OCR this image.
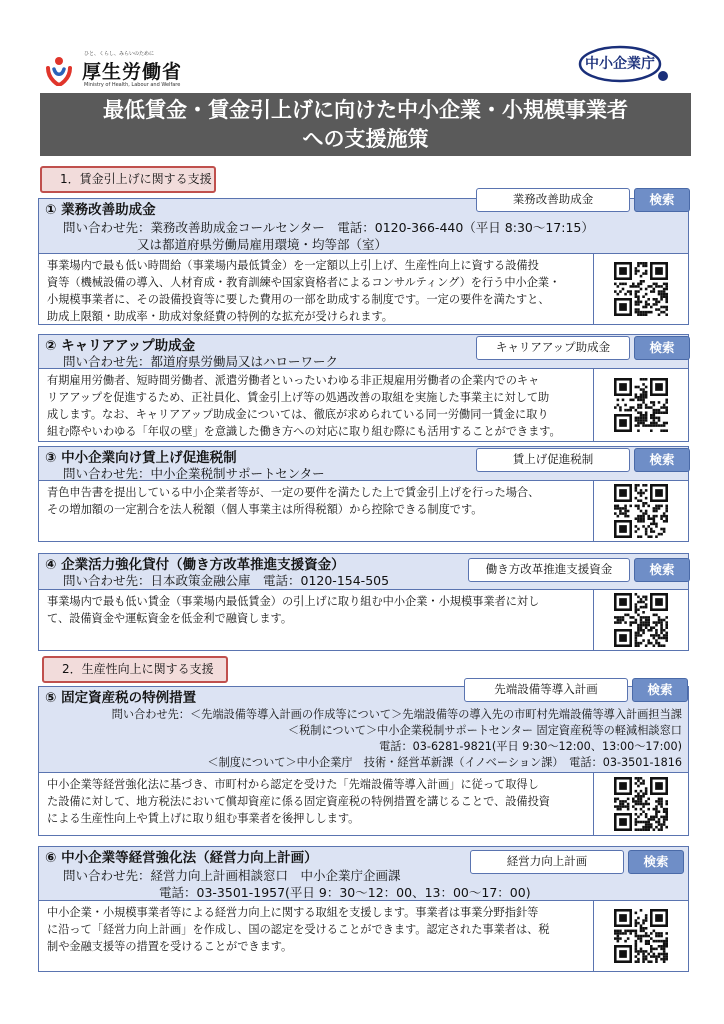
ひと、くらし、みらいのために
厚生労働省
Ministry of Health, Labour and Welfare
中小企業庁
最低賃金・賃金引上げに向けた中小企業・小規模事業者
への支援施策
1．賃金引上げに関する支援
① 業務改善助成金
問い合わせ先：業務改善助成金コールセンター　電話：0120-366-440（平日 8:30～17:15）
又は都道府県労働局雇用環境・均等部（室）
事業場内で最も低い時間給（事業場内最低賃金）を一定額以上引上げ、生産性向上に資する設備投
資等（機械設備の導入、人材育成・教育訓練や国家資格者によるコンサルティング）を行う中小企業・
小規模事業者に、その設備投資等に要した費用の一部を助成する制度です。一定の要件を満たすと、
助成上限額・助成率・助成対象経費の特例的な拡充が受けられます。
業務改善助成金	検索
② キャリアアップ助成金
問い合わせ先：都道府県労働局又はハローワーク
有期雇用労働者、短時間労働者、派遣労働者といったいわゆる非正規雇用労働者の企業内でのキャ
リアアップを促進するため、正社員化、賃金引上げ等の処遇改善の取組を実施した事業主に対して助
成します。なお、キャリアアップ助成金については、徹底が求められている同一労働同一賃金に取り
組む際やいわゆる「年収の壁」を意識した働き方への対応に取り組む際にも活用することができます。
キャリアアップ助成金	検索
③ 中小企業向け賃上げ促進税制
問い合わせ先：中小企業税制サポートセンター
青色申告書を提出している中小企業者等が、一定の要件を満たした上で賃金引上げを行った場合、
その増加額の一定割合を法人税額（個人事業主は所得税額）から控除できる制度です。
賃上げ促進税制	検索
④ 企業活力強化貸付（働き方改革推進支援資金）
問い合わせ先：日本政策金融公庫　電話：0120-154-505
事業場内で最も低い賃金（事業場内最低賃金）の引上げに取り組む中小企業・小規模事業者に対し
て、設備資金や運転資金を低金利で融資します。
働き方改革推進支援資金	検索
2．生産性向上に関する支援
⑤ 固定資産税の特例措置
問い合わせ先：＜先端設備等導入計画の作成等について＞先端設備等の導入先の市町村先端設備等導入計画担当課
＜税制について＞中小企業税制サポートセンター 固定資産税等の軽減相談窓口
電話：03-6281-9821(平日 9:30～12:00、13:00～17:00)
＜制度について＞中小企業庁　技術・経営革新課（イノベーション課）　電話：03-3501-1816
中小企業等経営強化法に基づき、市町村から認定を受けた「先端設備等導入計画」に従って取得し
た設備に対して、地方税法において償却資産に係る固定資産税の特例措置を講じることで、設備投資
による生産性向上や賃上げに取り組む事業者を後押しします。
先端設備等導入計画	検索
⑥ 中小企業等経営強化法（経営力向上計画）
問い合わせ先：経営力向上計画相談窓口　中小企業庁企画課
電話：03-3501-1957(平日 9：30～12：00、13：00～17：00)
中小企業・小規模事業者等による経営力向上に関する取組を支援します。事業者は事業分野指針等
に沿って「経営力向上計画」を作成し、国の認定を受けることができます。認定された事業者は、税
制や金融支援等の措置を受けることができます。
経営力向上計画	検索
